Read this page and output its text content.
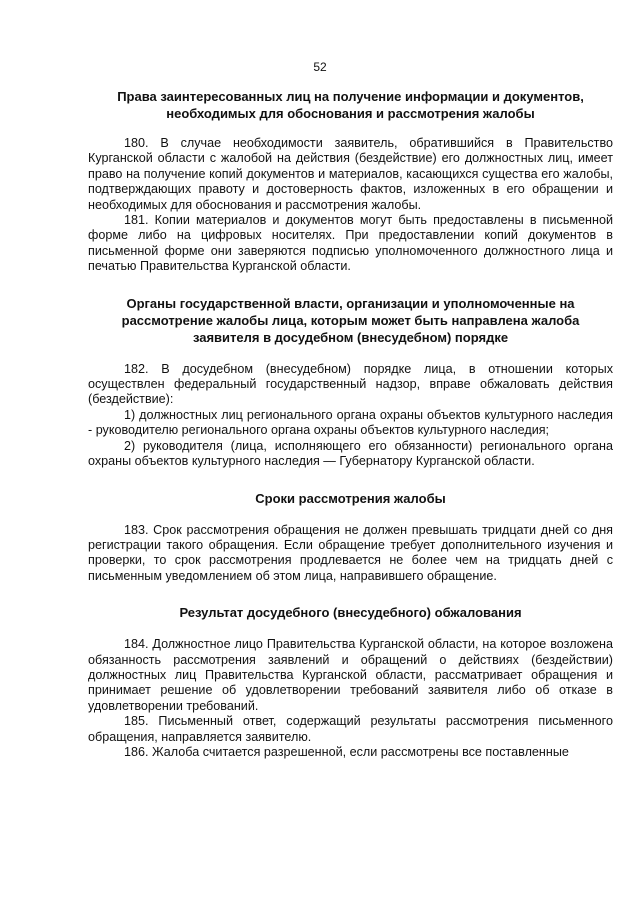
52
Права заинтересованных лиц на получение информации и документов, необходимых для обоснования и рассмотрения жалобы

180. В случае необходимости заявитель, обратившийся в Правительство Курганской области с жалобой на действия (бездействие) его должностных лиц, имеет право на получение копий документов и материалов, касающихся существа его жалобы, подтверждающих правоту и достоверность фактов, изложенных в его обращении и необходимых для обоснования и рассмотрения жалобы.

181. Копии материалов и документов могут быть предоставлены в письменной форме либо на цифровых носителях. При предоставлении копий документов в письменной форме они заверяются подписью уполномоченного должностного лица и печатью Правительства Курганской области.

Органы государственной власти, организации и уполномоченные на рассмотрение жалобы лица, которым может быть направлена жалоба заявителя в досудебном (внесудебном) порядке

182. В досудебном (внесудебном) порядке лица, в отношении которых осуществлен федеральный государственный надзор, вправе обжаловать действия (бездействие):

1) должностных лиц регионального органа охраны объектов культурного наследия - руководителю регионального органа охраны объектов культурного наследия;

2) руководителя (лица, исполняющего его обязанности) регионального органа охраны объектов культурного наследия — Губернатору Курганской области.

Сроки рассмотрения жалобы

183. Срок рассмотрения обращения не должен превышать тридцати дней со дня регистрации такого обращения. Если обращение требует дополнительного изучения и проверки, то срок рассмотрения продлевается не более чем на тридцать дней с письменным уведомлением об этом лица, направившего обращение.

Результат досудебного (внесудебного) обжалования

184. Должностное лицо Правительства Курганской области, на которое возложена обязанность рассмотрения заявлений и обращений о действиях (бездействии) должностных лиц Правительства Курганской области, рассматривает обращения и принимает решение об удовлетворении требований заявителя либо об отказе в удовлетворении требований.

185. Письменный ответ, содержащий результаты рассмотрения письменного обращения, направляется заявителю.

186. Жалоба считается разрешенной, если рассмотрены все поставленные
